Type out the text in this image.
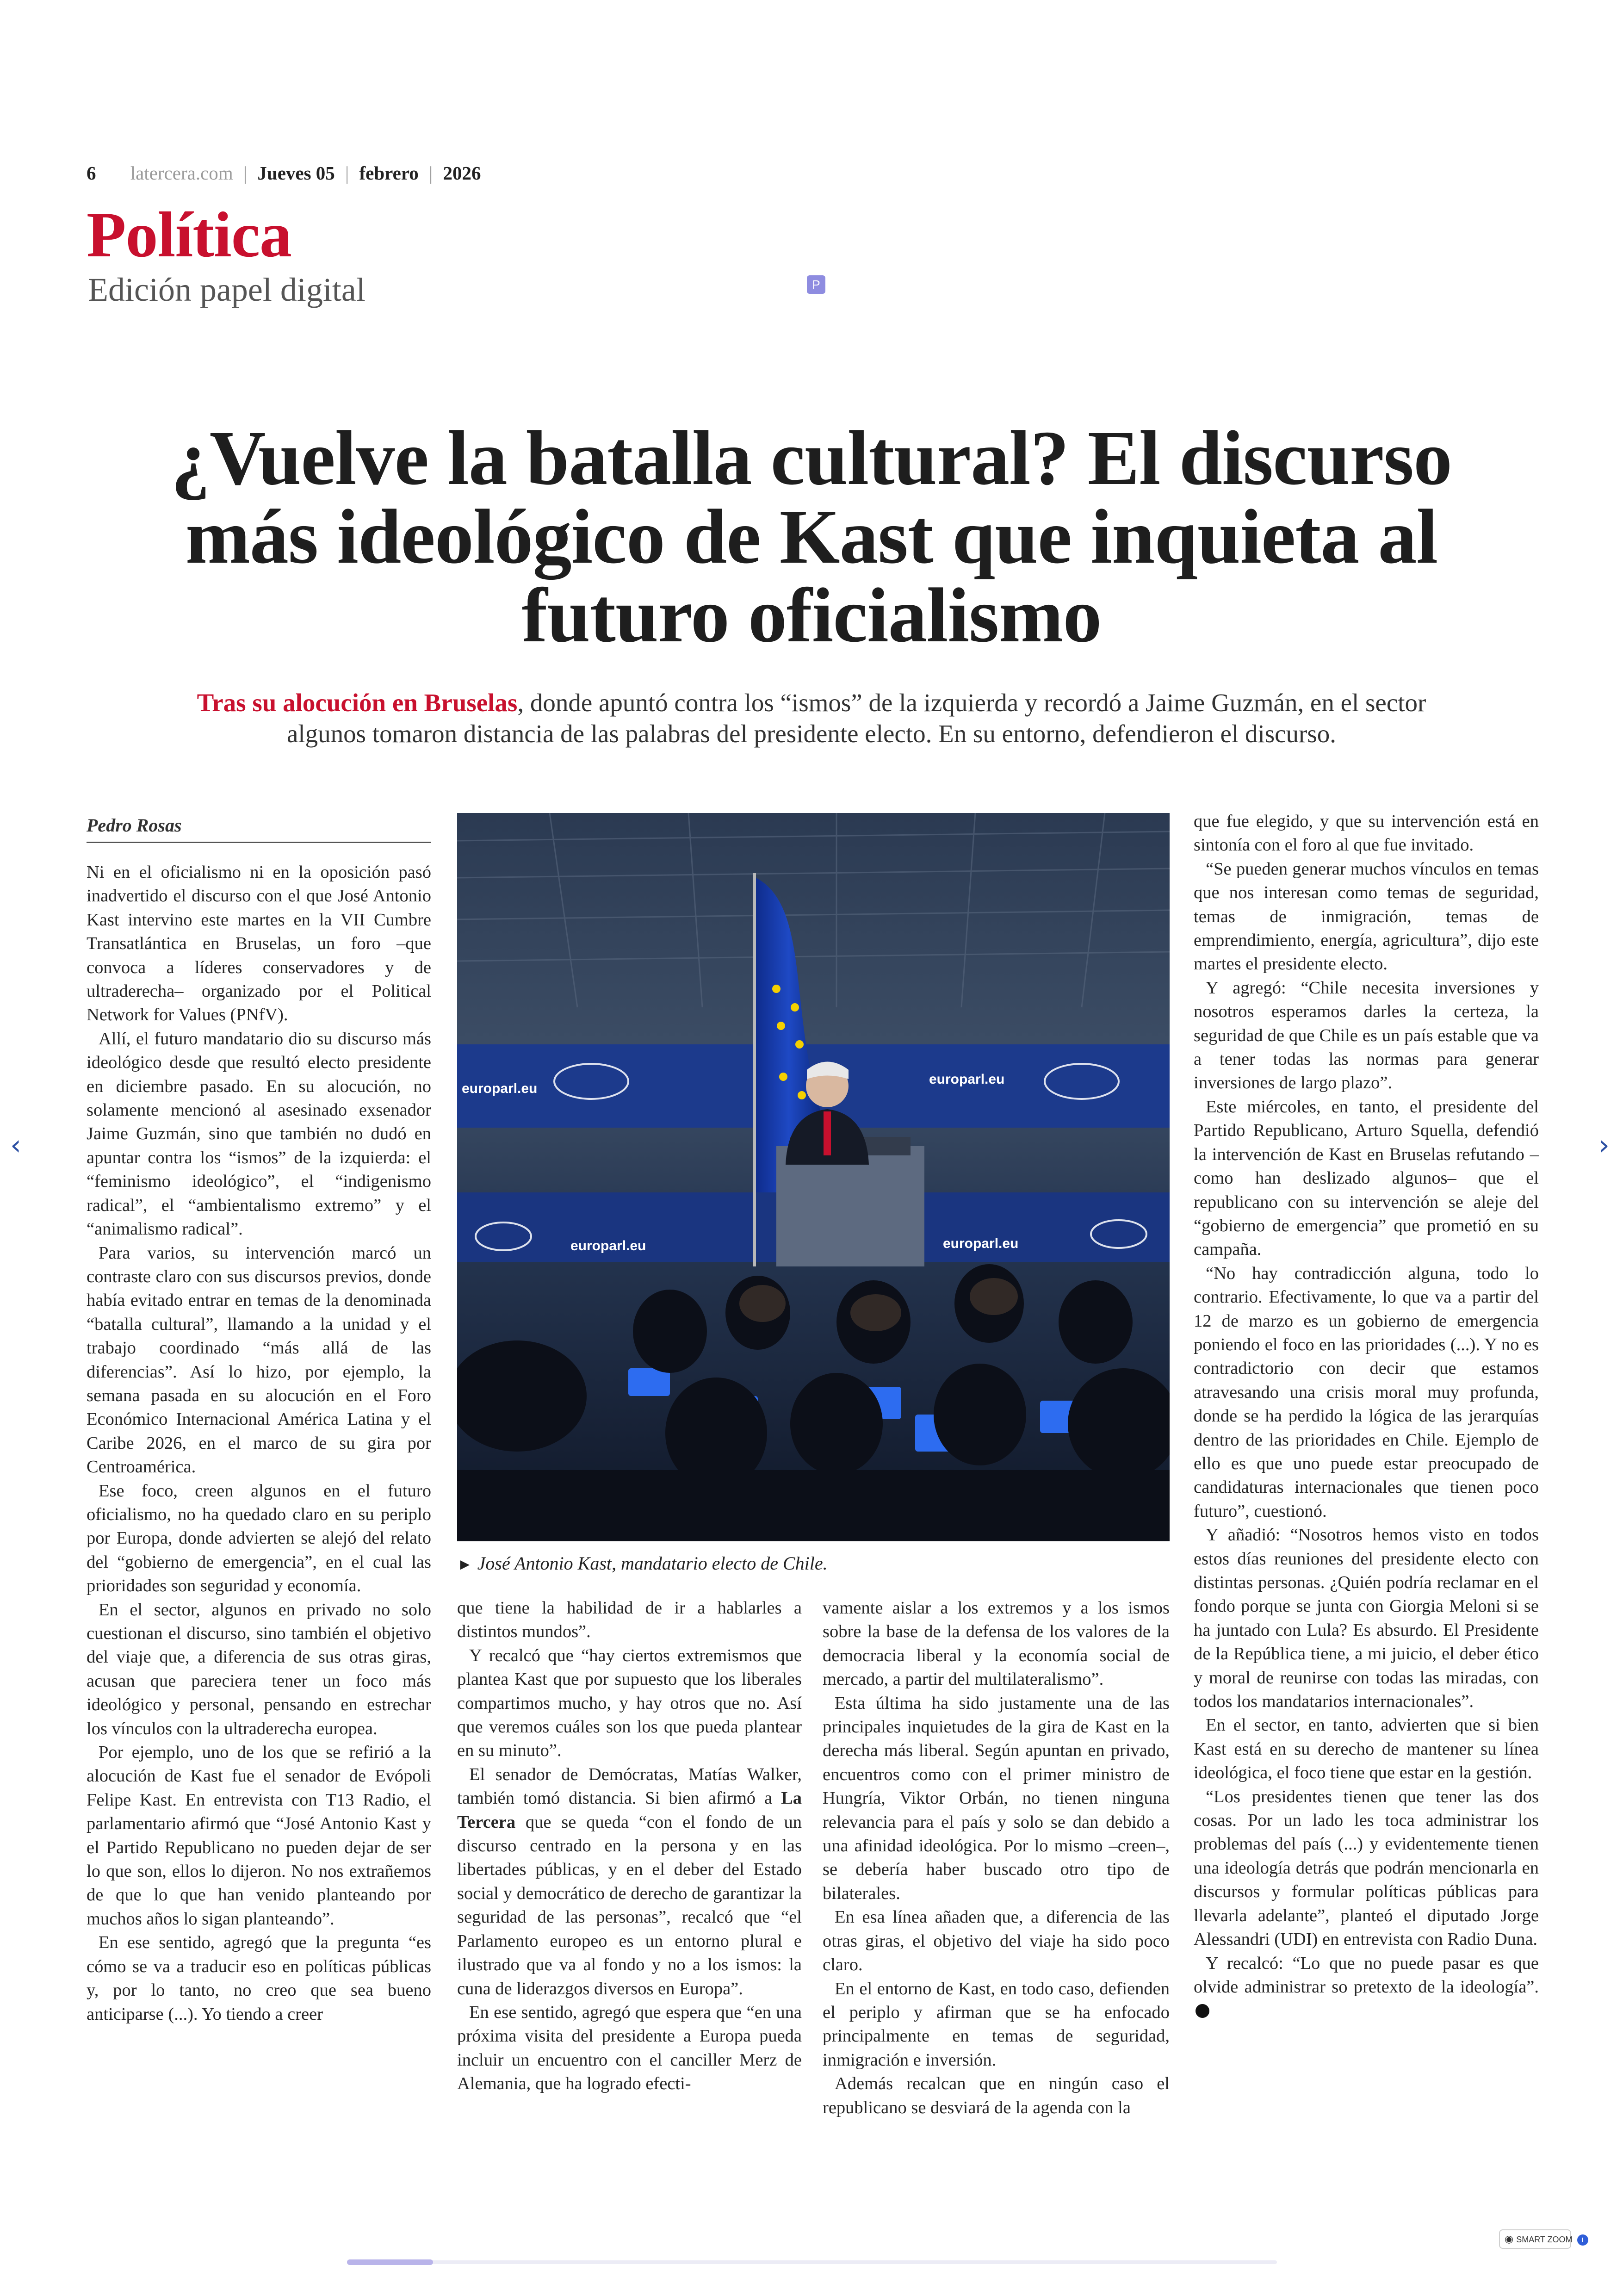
6 latercera.com | Jueves 05 | febrero | 2026
Política
Edición papel digital	P
¿Vuelve la batalla cultural? El discurso
más ideológico de Kast que inquieta al
futuro oficialismo
Tras su alocución en Bruselas, donde apuntó contra los “ismos” de la izquierda y recordó a Jaime Guzmán, en el sector
algunos tomaron distancia de las palabras del presidente electo. En su entorno, defendieron el discurso.
Pedro Rosas

Ni en el oficialismo ni en la oposición pasó inadvertido el discurso con el que José Antonio Kast intervino este martes en la VII Cumbre Transatlántica en Bruselas, un foro –que convoca a líderes conservadores y de ultraderecha– organizado por el Political Network for Values (PNfV).

Allí, el futuro mandatario dio su discurso más ideológico desde que resultó electo presidente en diciembre pasado. En su alocución, no solamente mencionó al asesinado exsenador Jaime Guzmán, sino que también no dudó en apuntar contra los “ismos” de la izquierda: el “feminismo ideológico”, el “indigenismo radical”, el “ambientalismo extremo” y el “animalismo radical”.

Para varios, su intervención marcó un contraste claro con sus discursos previos, donde había evitado entrar en temas de la denominada “batalla cultural”, llamando a la unidad y el trabajo coordinado “más allá de las diferencias”. Así lo hizo, por ejemplo, la semana pasada en su alocución en el Foro Económico Internacional América Latina y el Caribe 2026, en el marco de su gira por Centroamérica.

Ese foco, creen algunos en el futuro oficialismo, no ha quedado claro en su periplo por Europa, donde advierten se alejó del relato del “gobierno de emergencia”, en el cual las prioridades son seguridad y economía.

En el sector, algunos en privado no solo cuestionan el discurso, sino también el objetivo del viaje que, a diferencia de sus otras giras, acusan que pareciera tener un foco más ideológico y personal, pensando en estrechar los vínculos con la ultraderecha europea.

Por ejemplo, uno de los que se refirió a la alocución de Kast fue el senador de Evópoli Felipe Kast. En entrevista con T13 Radio, el parlamentario afirmó que “José Antonio Kast y el Partido Republicano no pueden dejar de ser lo que son, ellos lo dijeron. No nos extrañemos de que lo que han venido planteando por muchos años lo sigan planteando”.

En ese sentido, agregó que la pregunta “es cómo se va a traducir eso en políticas públicas y, por lo tanto, no creo que sea bueno anticiparse (...). Yo tiendo a creer

europarl.eu
europarl.eu
europarl.eu	europarl.eu
► José Antonio Kast, mandatario electo de Chile.

que tiene la habilidad de ir a hablarles a distintos mundos”.

Y recalcó que “hay ciertos extremismos que plantea Kast que por supuesto que los liberales compartimos mucho, y hay otros que no. Así que veremos cuáles son los que pueda plantear en su minuto”.

El senador de Demócratas, Matías Walker, también tomó distancia. Si bien afirmó a La Tercera que se queda “con el fondo de un discurso centrado en la persona y en las libertades públicas, y en el deber del Estado social y democrático de derecho de garantizar la seguridad de las personas”, recalcó que “el Parlamento europeo es un entorno plural e ilustrado que va al fondo y no a los ismos: la cuna de liderazgos diversos en Europa”.

En ese sentido, agregó que espera que “en una próxima visita del presidente a Europa pueda incluir un encuentro con el canciller Merz de Alemania, que ha logrado efecti-

vamente aislar a los extremos y a los ismos sobre la base de la defensa de los valores de la democracia liberal y la economía social de mercado, a partir del multilateralismo”.

Esta última ha sido justamente una de las principales inquietudes de la gira de Kast en la derecha más liberal. Según apuntan en privado, encuentros como con el primer ministro de Hungría, Viktor Orbán, no tienen ninguna relevancia para el país y solo se dan debido a una afinidad ideológica. Por lo mismo –creen–, se debería haber buscado otro tipo de bilaterales.

En esa línea añaden que, a diferencia de las otras giras, el objetivo del viaje ha sido poco claro.

En el entorno de Kast, en todo caso, defienden el periplo y afirman que se ha enfocado principalmente en temas de seguridad, inmigración e inversión.

Además recalcan que en ningún caso el republicano se desviará de la agenda con la

que fue elegido, y que su intervención está en sintonía con el foro al que fue invitado.

“Se pueden generar muchos vínculos en temas que nos interesan como temas de seguridad, temas de inmigración, temas de emprendimiento, energía, agricultura”, dijo este martes el presidente electo.

Y agregó: “Chile necesita inversiones y nosotros esperamos darles la certeza, la seguridad de que Chile es un país estable que va a tener todas las normas para generar inversiones de largo plazo”.

Este miércoles, en tanto, el presidente del Partido Republicano, Arturo Squella, defendió la intervención de Kast en Bruselas refutando –como han deslizado algunos– que el republicano con su intervención se aleje del “gobierno de emergencia” que prometió en su campaña.

“No hay contradicción alguna, todo lo contrario. Efectivamente, lo que va a partir del 12 de marzo es un gobierno de emergencia poniendo el foco en las prioridades (...). Y no es contradictorio con decir que estamos atravesando una crisis moral muy profunda, donde se ha perdido la lógica de las jerarquías dentro de las prioridades en Chile. Ejemplo de ello es que uno puede estar preocupado de candidaturas internacionales que tienen poco futuro”, cuestionó.

Y añadió: “Nosotros hemos visto en todos estos días reuniones del presidente electo con distintas personas. ¿Quién podría reclamar en el fondo porque se junta con Giorgia Meloni si se ha juntado con Lula? Es absurdo. El Presidente de la República tiene, a mi juicio, el deber ético y moral de reunirse con todas las miradas, con todos los mandatarios internacionales”.

En el sector, en tanto, advierten que si bien Kast está en su derecho de mantener su línea ideológica, el foco tiene que estar en la gestión.

“Los presidentes tienen que tener las dos cosas. Por un lado les toca administrar los problemas del país (...) y evidentemente tienen una ideología detrás que podrán mencionarla en discursos y formular políticas públicas para llevarla adelante”, planteó el diputado Jorge Alessandri (UDI) en entrevista con Radio Duna.

Y recalcó: “Lo que no puede pasar es que olvide administrar so pretexto de la ideología”.

‹	›
◉ SMART ZOOM i
